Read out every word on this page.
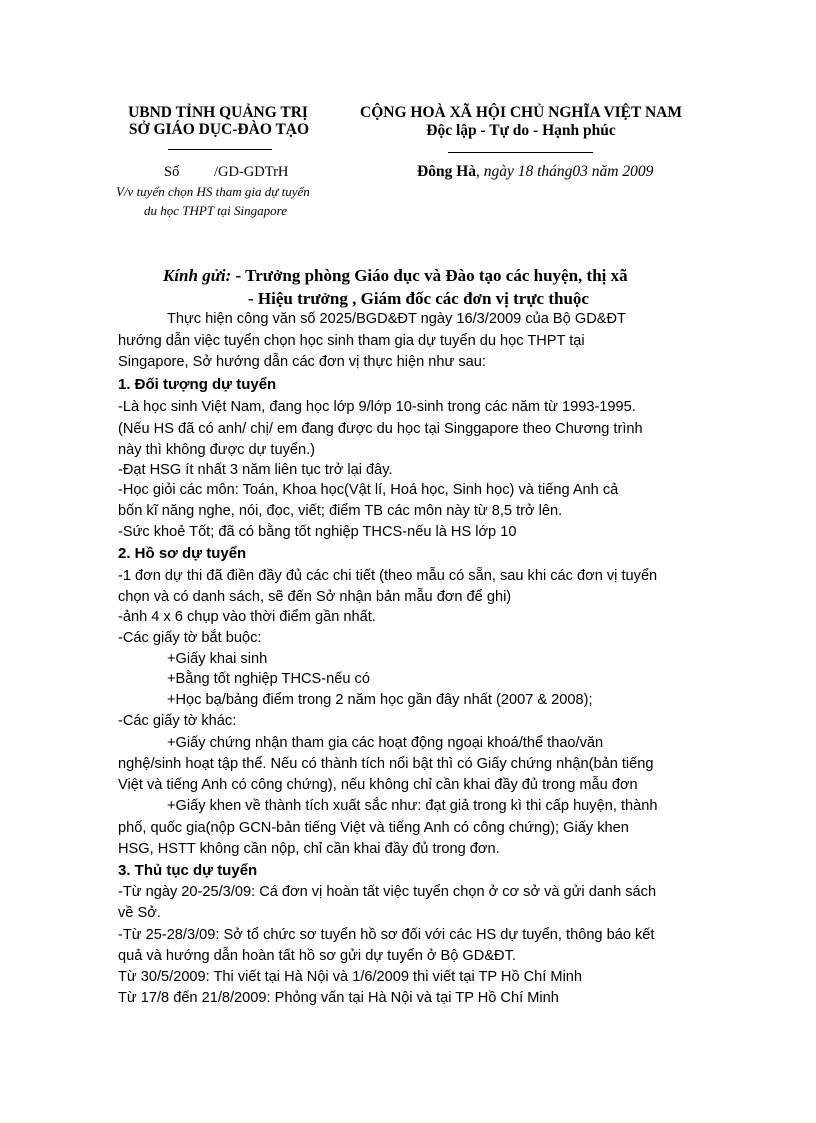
UBND TỈNH QUẢNG TRỊ
SỞ GIÁO DỤC-ĐÀO TẠO
CỘNG HOÀ XÃ HỘI CHỦ NGHĨA VIỆT NAM
Độc lập - Tự do - Hạnh phúc
Số /GD-GDTrH
V/v tuyển chọn HS tham gia dự tuyển
du học THPT tại Singapore
Đông Hà, ngày 18 tháng03 năm 2009
Kính gửi: - Trưởng phòng Giáo dục và Đào tạo các huyện, thị xã
- Hiệu trưởng , Giám đốc các đơn vị trực thuộc
Thực hiện công văn số 2025/BGD&ĐT ngày 16/3/2009 của Bộ GD&ĐT
hướng dẫn việc tuyển chọn học sinh tham gia dự tuyển du học THPT tại
Singapore, Sở hướng dẫn các đơn vị thực hiện như sau:
1. Đối tượng dự tuyển
-Là học sinh Việt Nam, đang học lớp 9/lớp 10-sinh trong các năm từ 1993-1995.
(Nếu HS đã có anh/ chị/ em đang được du học tại Singgapore theo Chương trình
này thì không được dự tuyển.)
-Đạt HSG ít nhất 3 năm liên tục trở lại đây.
-Học giỏi các môn: Toán, Khoa học(Vật lí, Hoá học, Sinh học) và tiếng Anh cả
bốn kĩ năng nghe, nói, đọc, viết; điểm TB các môn này từ 8,5 trở lên.
-Sức khoẻ Tốt; đã có bằng tốt nghiệp THCS-nếu là HS lớp 10
2. Hồ sơ dự tuyển
-1 đơn dự thi đã điền đầy đủ các chi tiết (theo mẫu có sẵn, sau khi các đơn vị tuyển
chọn và có danh sách, sẽ đến Sở nhận bản mẫu đơn để ghi)
-ảnh 4 x 6 chụp vào thời điểm gần nhất.
-Các giấy tờ bắt buộc:
+Giấy khai sinh
+Bằng tốt nghiệp THCS-nếu có
+Học bạ/bảng điểm trong 2 năm học gần đây nhất (2007 & 2008);
-Các giấy tờ khác:
+Giấy chứng nhận tham gia các hoạt động ngoại khoá/thể thao/văn
nghệ/sinh hoạt tập thể. Nếu có thành tích nổi bật thì có Giấy chứng nhận(bản tiếng
Việt và tiếng Anh có công chứng), nếu không chỉ cần khai đầy đủ trong mẫu đơn
+Giấy khen về thành tích xuất sắc như: đạt giả trong kì thi cấp huyện, thành
phố, quốc gia(nộp GCN-bản tiếng Việt và tiếng Anh có công chứng); Giấy khen
HSG, HSTT không cần nộp, chỉ cần khai đầy đủ trong đơn.
3. Thủ tục dự tuyển
-Từ ngày 20-25/3/09: Cá đơn vị hoàn tất việc tuyển chọn ở cơ sở và gửi danh sách
về Sở.
-Từ 25-28/3/09: Sở tổ chức sơ tuyển hồ sơ đối với các HS dự tuyển, thông báo kết
quả và hướng dẫn hoàn tất hồ sơ gửi dự tuyển ở Bộ GD&ĐT.
Từ 30/5/2009: Thi viết tại Hà Nội và 1/6/2009 thi viết tại TP Hồ Chí Minh
Từ 17/8 đến 21/8/2009: Phỏng vấn tại Hà Nội và tại TP Hồ Chí Minh
